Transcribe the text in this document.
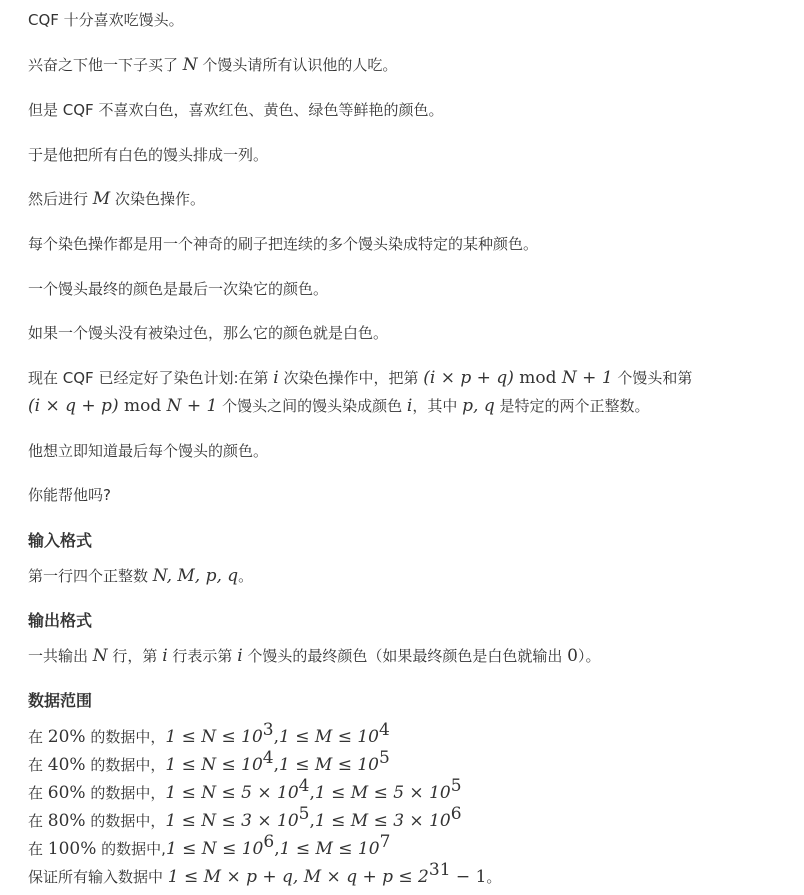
CQF 十分喜欢吃馒头。
兴奋之下他一下子买了 N 个馒头请所有认识他的人吃。
但是 CQF 不喜欢白色，喜欢红色、黄色、绿色等鲜艳的颜色。
于是他把所有白色的馒头排成一列。
然后进行 M 次染色操作。
每个染色操作都是用一个神奇的刷子把连续的多个馒头染成特定的某种颜色。
一个馒头最终的颜色是最后一次染它的颜色。
如果一个馒头没有被染过色，那么它的颜色就是白色。
现在 CQF 已经定好了染色计划:在第 i 次染色操作中，把第 (i × p + q) mod N + 1 个馒头和第
(i × q + p) mod N + 1 个馒头之间的馒头染成颜色 i，其中 p, q 是特定的两个正整数。
他想立即知道最后每个馒头的颜色。
你能帮他吗?
输入格式
第一行四个正整数 N, M, p, q。
输出格式
一共输出 N 行，第 i 行表示第 i 个馒头的最终颜色（如果最终颜色是白色就输出 0）。
数据范围
在 20% 的数据中，$1 \le N \le 10^3,1 \le M \le 10^4$
在 40% 的数据中，$1 \le N \le 10^4,1 \le M \le 10^5$
在 60% 的数据中，$1 \le N \le 5 \times 10^4,1 \le M \le 5 \times 10^5$
在 80% 的数据中，$1 \le N \le 3 \times 10^5,1 \le M \le 3 \times 10^6$
在 100% 的数据中$,1 \le N \le 10^6,1 \le M \le 10^7$
保证所有输入数据中 1 ≤ M × p + q, $M \times q + p \le 2^{31} - 1$。
